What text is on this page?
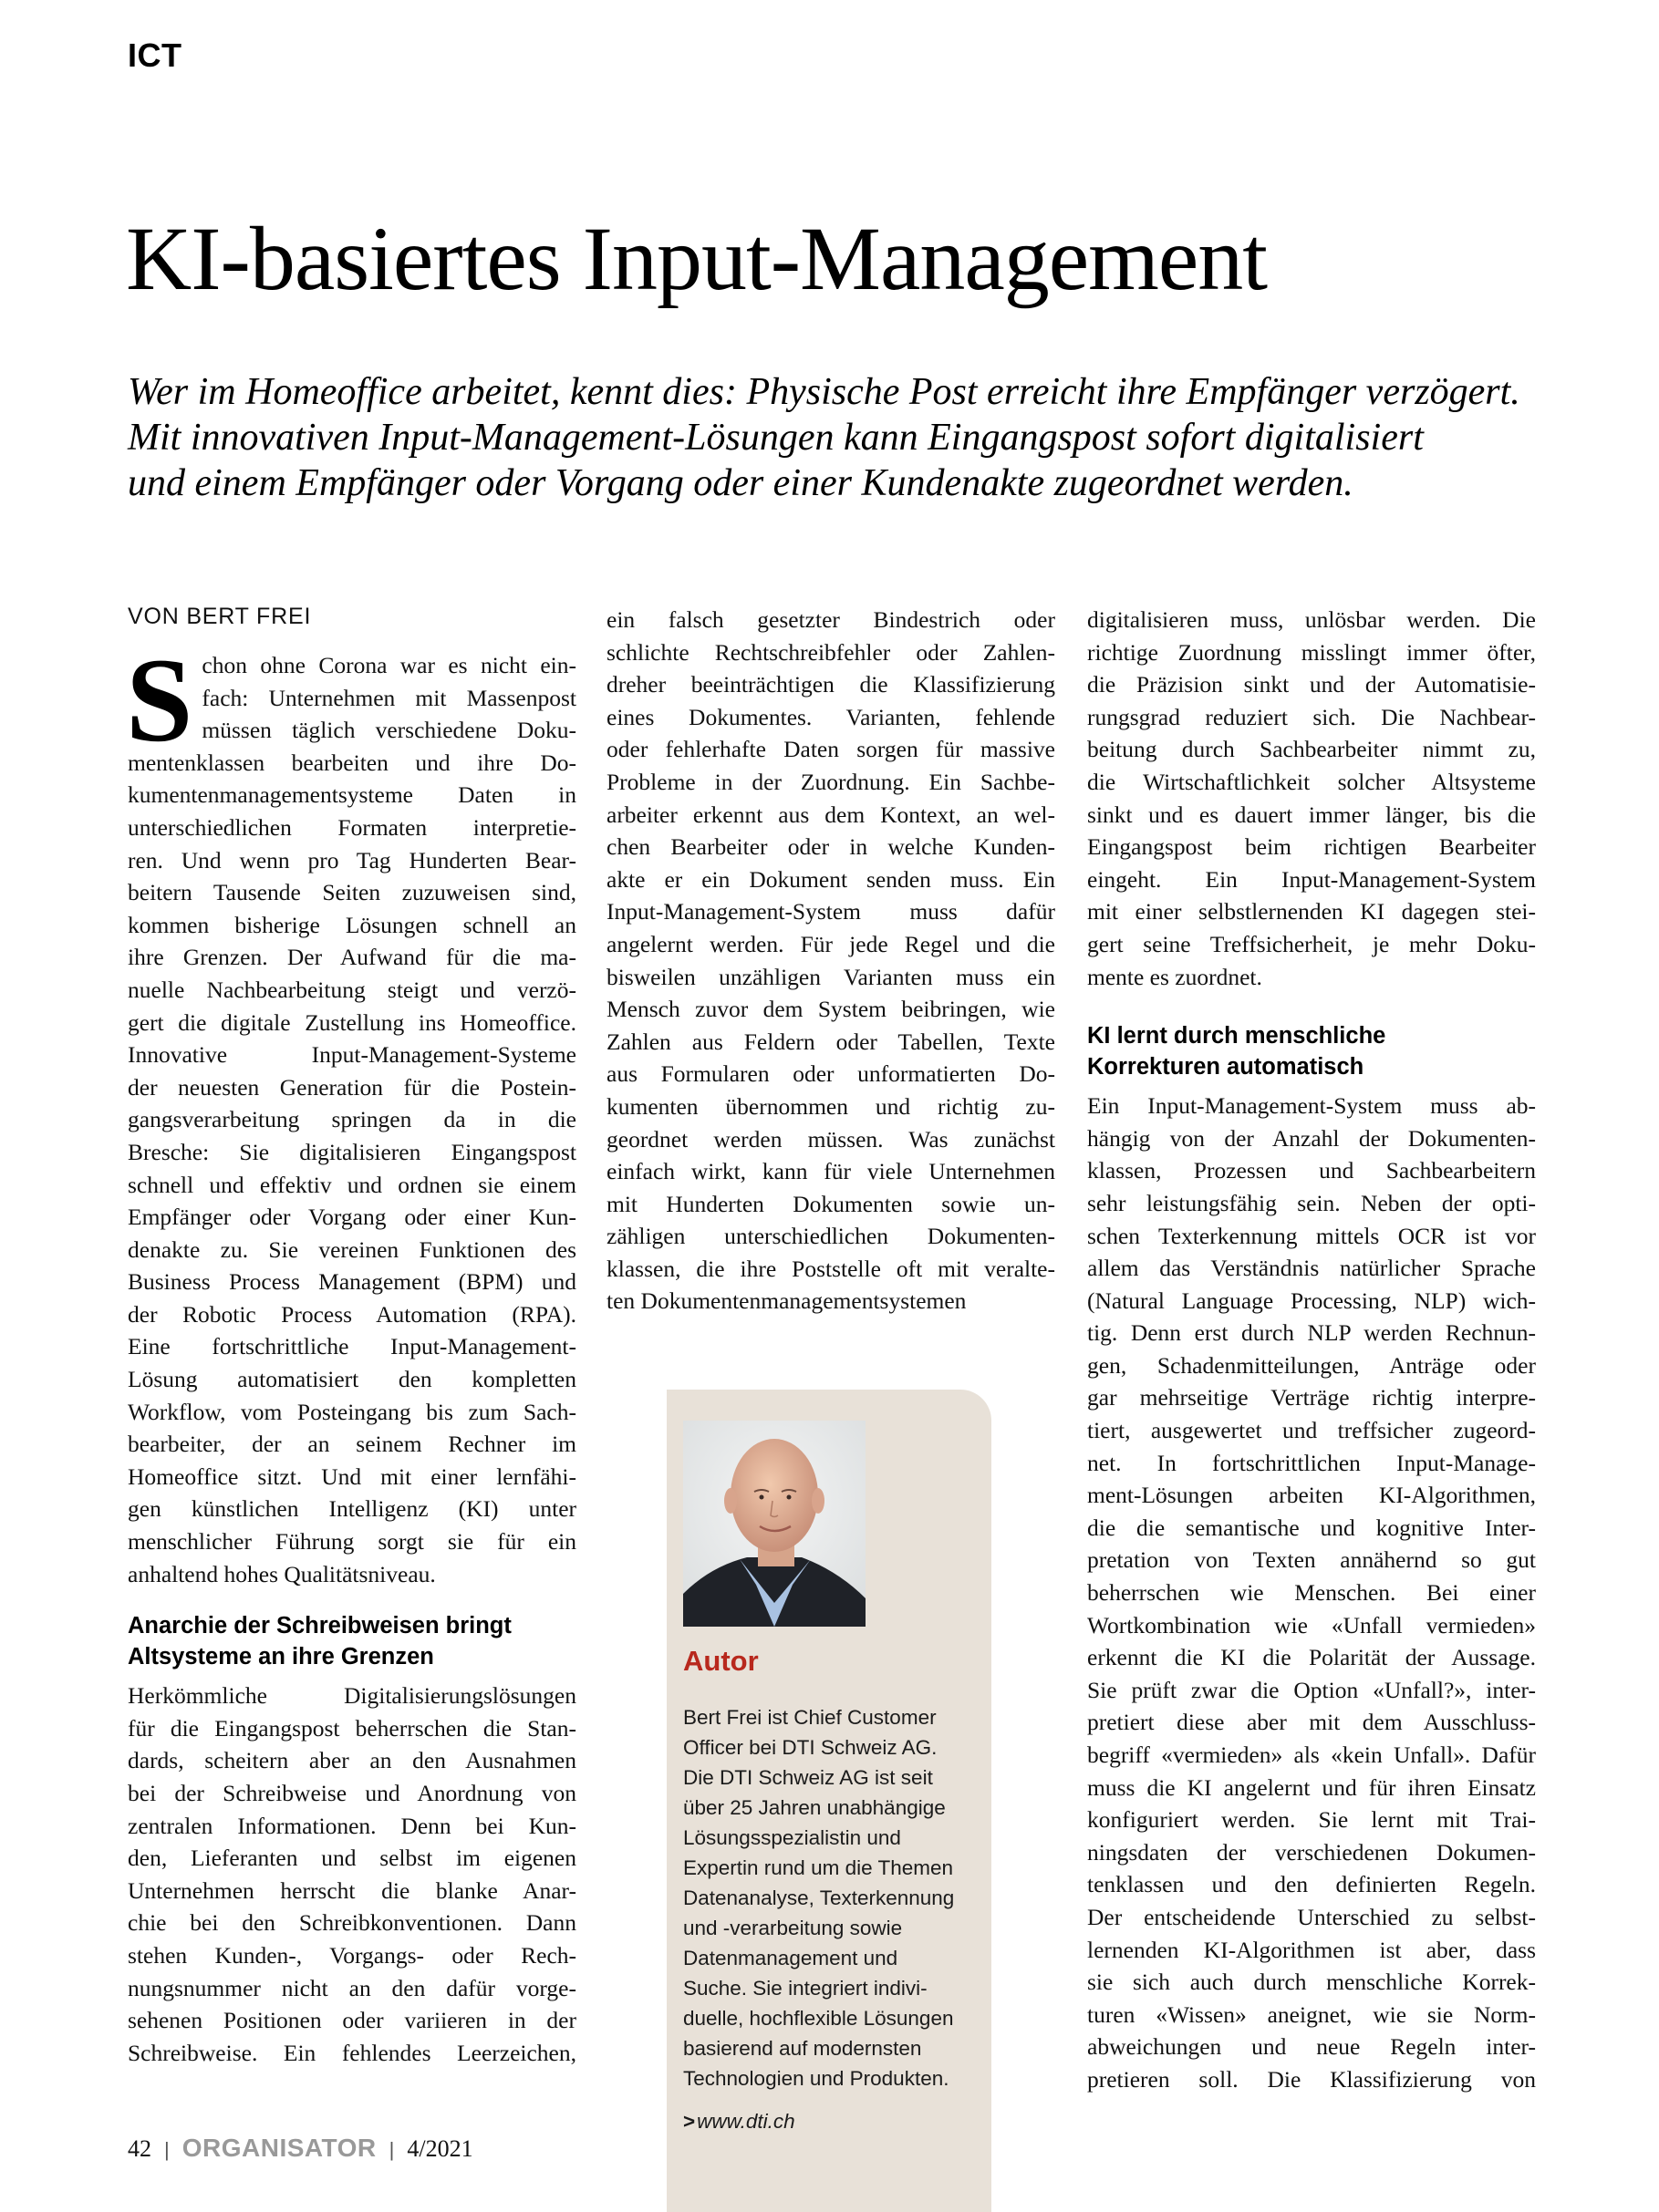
ICT
KI-basiertes Input-Management
Wer im Homeoffice arbeitet, kennt dies: Physische Post erreicht ihre Empfänger verzögert.
Mit innovativen Input-Management-Lösungen kann Eingangspost sofort digitalisiert
und einem Empfänger oder Vorgang oder einer Kundenakte zugeordnet werden.
VON BERT FREI
S chon ohne Corona war es nicht ein-
fach: Unternehmen mit Massenpost
müssen täglich verschiedene Doku-
mentenklassen bearbeiten und ihre Do-
kumentenmanagementsysteme Daten in
unterschiedlichen Formaten interpretie-
ren. Und wenn pro Tag Hunderten Bear-
beitern Tausende Seiten zuzuweisen sind,
kommen bisherige Lösungen schnell an
ihre Grenzen. Der Aufwand für die ma-
nuelle Nachbearbeitung steigt und verzö-
gert die digitale Zustellung ins Homeoffice.
Innovative Input-Management-Systeme
der neuesten Generation für die Postein-
gangsverarbeitung springen da in die
Bresche: Sie digitalisieren Eingangspost
schnell und effektiv und ordnen sie einem
Empfänger oder Vorgang oder einer Kun-
denakte zu. Sie vereinen Funktionen des
Business Process Management (BPM) und
der Robotic Process Automation (RPA).
Eine fortschrittliche Input-Management-
Lösung automatisiert den kompletten
Workflow, vom Posteingang bis zum Sach-
bearbeiter, der an seinem Rechner im
Homeoffice sitzt. Und mit einer lernfähi-
gen künstlichen Intelligenz (KI) unter
menschlicher Führung sorgt sie für ein
anhaltend hohes Qualitätsniveau.
Anarchie der Schreibweisen bringt
Altsysteme an ihre Grenzen
Herkömmliche Digitalisierungslösungen
für die Eingangspost beherrschen die Stan-
dards, scheitern aber an den Ausnahmen
bei der Schreibweise und Anordnung von
zentralen Informationen. Denn bei Kun-
den, Lieferanten und selbst im eigenen
Unternehmen herrscht die blanke Anar-
chie bei den Schreibkonventionen. Dann
stehen Kunden-, Vorgangs- oder Rech-
nungsnummer nicht an den dafür vorge-
sehenen Positionen oder variieren in der
Schreibweise. Ein fehlendes Leerzeichen,
ein falsch gesetzter Bindestrich oder
schlichte Rechtschreibfehler oder Zahlen-
dreher beeinträchtigen die Klassifizierung
eines Dokumentes. Varianten, fehlende
oder fehlerhafte Daten sorgen für massive
Probleme in der Zuordnung. Ein Sachbe-
arbeiter erkennt aus dem Kontext, an wel-
chen Bearbeiter oder in welche Kunden-
akte er ein Dokument senden muss. Ein
Input-Management-System muss dafür
angelernt werden. Für jede Regel und die
bisweilen unzähligen Varianten muss ein
Mensch zuvor dem System beibringen, wie
Zahlen aus Feldern oder Tabellen, Texte
aus Formularen oder unformatierten Do-
kumenten übernommen und richtig zu-
geordnet werden müssen. Was zunächst
einfach wirkt, kann für viele Unternehmen
mit Hunderten Dokumenten sowie un-
zähligen unterschiedlichen Dokumenten-
klassen, die ihre Poststelle oft mit veralte-
ten Dokumentenmanagementsystemen
Autor
Bert Frei ist Chief Customer
Officer bei DTI Schweiz AG.
Die DTI Schweiz AG ist seit
über 25 Jahren unabhängige
Lösungsspezialistin und
Expertin rund um die Themen
Datenanalyse, Texterkennung
und -verarbeitung sowie
Datenmanagement und
Suche. Sie integriert indivi-
duelle, hochflexible Lösungen
basierend auf modernsten
Technologien und Produkten.
>www.dti.ch
digitalisieren muss, unlösbar werden. Die
richtige Zuordnung misslingt immer öfter,
die Präzision sinkt und der Automatisie-
rungsgrad reduziert sich. Die Nachbear-
beitung durch Sachbearbeiter nimmt zu,
die Wirtschaftlichkeit solcher Altsysteme
sinkt und es dauert immer länger, bis die
Eingangspost beim richtigen Bearbeiter
eingeht. Ein Input-Management-System
mit einer selbstlernenden KI dagegen stei-
gert seine Treffsicherheit, je mehr Doku-
mente es zuordnet.
KI lernt durch menschliche
Korrekturen automatisch
Ein Input-Management-System muss ab-
hängig von der Anzahl der Dokumenten-
klassen, Prozessen und Sachbearbeitern
sehr leistungsfähig sein. Neben der opti-
schen Texterkennung mittels OCR ist vor
allem das Verständnis natürlicher Sprache
(Natural Language Processing, NLP) wich-
tig. Denn erst durch NLP werden Rechnun-
gen, Schadenmitteilungen, Anträge oder
gar mehrseitige Verträge richtig interpre-
tiert, ausgewertet und treffsicher zugeord-
net. In fortschrittlichen Input-Manage-
ment-Lösungen arbeiten KI-Algorithmen,
die die semantische und kognitive Inter-
pretation von Texten annähernd so gut
beherrschen wie Menschen. Bei einer
Wortkombination wie «Unfall vermieden»
erkennt die KI die Polarität der Aussage.
Sie prüft zwar die Option «Unfall?», inter-
pretiert diese aber mit dem Ausschluss-
begriff «vermieden» als «kein Unfall». Dafür
muss die KI angelernt und für ihren Einsatz
konfiguriert werden. Sie lernt mit Trai-
ningsdaten der verschiedenen Dokumen-
tenklassen und den definierten Regeln.
Der entscheidende Unterschied zu selbst-
lernenden KI-Algorithmen ist aber, dass
sie sich auch durch menschliche Korrek-
turen «Wissen» aneignet, wie sie Norm-
abweichungen und neue Regeln inter-
pretieren soll. Die Klassifizierung von
42 | ORGANISATOR | 4/2021
